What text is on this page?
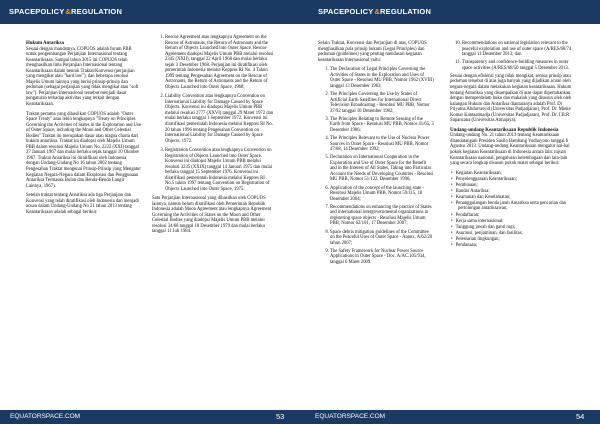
SPACEPOLICY&REGULATION
Hukum Antariksa

Sesuai dengan mandatnya, COPUOS adalah forum PBB untuk pengembangan Perjanjian Internasional tentang Keantariksaan. Sampai tahun 2015 ini COPUOS telah menghasilkan lima Perjanjian Internasional tentang Keantariksaan dalam bentuk Traktat/Konvensi (perjanjian yang mengikat atau "hard law"), dan beberapa resolusi Majelis Umum lainnya yang berisi prinsip-prinsip dan pedoman (sebagai perjanjian yang tidak mengikat atau "soft law"). Perjanjian Internasional tersebut menjadi dasar pengaturan terhadap aktivitas yang terkait dengan Keantariksaan.

Traktat pertama yang dihasilkan COPUOS adalah "Outer Space Treaty" atau lebih lengkapnya "Treaty on Principles Governing the Activities of States in the Exploration and Use of Outer Space, including the Moon and Other Celestial Bodies" Traktat ini merupakan dasar atau magna charta dari hukum antariksa. Traktat ini diadopsi oleh Majelis Umum PBB dalam resolusi Majelis Umum No. 2222 (XXI) tanggal 27 Januari 1967 dan mulai berlaku sejak tanggal 10 Oktober 1967. Traktat Antariksa ini diratifikasi oleh Indonesia dengan Undang-Undang No 16 tahun 2002 tentang Pengesahan Traktat mengenai Prinsip-Prinsip yang Mengatur Kegiatan Negara-Negara dalam Eksplorasi dan Penggunaan Antariksa Termasuk Bulan dan Benda-Benda Langit Lainnya, 1967).

Setelah traktat tentang Antariksa ada tiga Perjanjian dan Konvensi yang telah diratifikasi oleh Indonesia dan menjadi acuan dalam Undang-Undang No 21 tahun 2013 tentang Keantariksaan adalah sebagai berikut:

1. Rescue Agreement atau lengkapnya Agreement on the Rescue of Astronauts, the Return of Astronauts and the Return of Objects Launched into Outer Space. Rescue Agreement diadopsi Majelis Umum PBB melalui resolusi 2345 (XXII), tanggal 22 April 1968 dan mulai berlaku sejak 3 Desember 1968. Perjanjian ini diratifikasi oleh pemerintah Indonesia melalui Keppres RI No. 4 Tahun 1999 tentang Pengesahan Agreement on the Rescue of Astronauts, the Return of Astronauts and the Return of Objects Launched into Outer Space, 1968;
2. Liability Convention atau lengkapnya Convention on International Liability for Damage Caused by Space Objects. Konvensi ini diadopsi Majelis Umum PBB melalui resolusi 2777 (XXVI) tanggal 29 Maret 1972 dan mulai berlaku tanggal 1 September 1972. Konvensi ini diratifikasi pemerintah Indonesia melalui Keppres RI No. 20 tahun 1996 tentang Pengesahan Convention on International Liability for Damage Caused by Space Objects, 1972.
3. Registration Convention atau lengkapnya Convention on Registration of Objects Launched into Outer Space. Konvensi ini diadopsi Majelis Umum PBB melalui resolusi 3235 (XXIX) tanggal 14 Januari 1975 dan mulai berlaku tanggal 15 September 1976. Konvensi ini diratifikasi pemerintah Indonesia melalui Keppres RI No.5 tahun 1997 tentang Convention on Registration of Objects Launched into Outer Space, 1975.

Satu Perjanjian Internasional yang dihasilkan oleh COPUOS lainnya, namun belum diratifikasi oleh Pemerintah Republik Indonesia adalah Moon Agreement atau lengkapnya Agreement Governing the Activities of States on the Moon and Other Celestial Bodies yang diadopsi Majelis Umum PBB melalui resolusi 34/68 tanggal 18 Desember 1979 dan mulai berlaku tanggal 11 Juli 1984.

EQUATORSPACE.COM	53
SPACEPOLICY&REGULATION

Selain Traktat, Konvensi dan Perjanjian di atas, COPUOS menghasilkan pula prinsip hukum (Legal Principles) dan pedoman (guidelines) yang penting mendasari kegiatan keantariksaan internasional yaitu:

1. The Declaration of Legal Principles Governing the Activities of States in the Exploration and Uses of Outer Space - Resolusi MU PBB, Nomor 1962 (XVIII) tanggal 13 Desember 1963;
2. The Principles Governing the Use by States of Artificial Earth Satellites for International Direct Television Broadcasting - Resolusi MU PBB, Nomor 37/92 tanggal 10 Desember 1982;
3. The Principles Relating to Remote Sensing of the Earth from Space - Resolusi MU PBB, Nomor 41/65, 3 Desember 1986;
4. The Principles Relevant to the Use of Nuclear Power Sources in Outer Space - Resolusi MU PBB, Nomor 47/68, 14 Desember 1992;
5. Declaration on International Cooperation in the Exploration and Use of Outer Space for the Benefit and in the Interest of All States, Taking into Particular Account the Needs of Developing Countries - Resolusi MU PBB, Nomor 51/122, Desember 1996;
6. Application of the concept of the launching state - Resolusi Majelis Umum PBB, Nomor 59/115, 10 Desember 2004;
7. Recommendations on enhancing the practice of States and international intergovernmental organizations in registering space objects - Resolusi Majelis Umum PBB, Nomor 62/101, 17 Desember 2007;
8. Space debris mitigation guidelines of the Committee on the Peaceful Uses of Outer Space - Annex, A/62/20 tahun 2007;
9. The Safety Framework for Nuclear Power Source Applications in Outer Space - Doc. A/AC.105/934, tanggal 6 Maret 2009.
10. Recommendations on national legislation relevant to the peaceful exploration and use of outer space (A/RES/68/74 tanggal 11 Desember 2013; dan
11. Transparency and confidence-building measures in outer space activities (A/RES/68/50 tanggal 5 Desember 2013.

Sesuai dengan efisiensi yang tidak mengikat, semua prinsip atau pedoman tersebut di atas juga banyak yang dijadikan acuan oleh negara-negara dalam melakukan kegiatan keantariksaan. Hukum tentang Antariksa yang disampaikan di atas dapat dipertahankan dengan memperdalam buku dan makalah yang disusun oleh oleh kalangan Hukum dan Antariksa diantaranya adalah Prof. Dr Priyatna Abdurrasyid (Universitas Padjadjaran), Prof. Dr. Mieke Komar Kantaatmadja (Universitas Padjadjaran), Prof. Dr. I.B.R Supancana (Universitas Atmajaya).

Undang-undang Keantariksaan Republik Indonesia

Undang-undang No. 21 tahun 2013 tentang Keantariksaan ditandatangani Presiden Susilo Bambang Yudhoyono tanggal 6 Agustus 2013. Undang-undang Keantariksaan mengatur hal-hal pokok kegiatan Keantariksaan di Indonesia antara lain: tujuan Keantariksaan nasional, pengaturan kelembagaan dan lain-lain yang secara lengkap disusun pokok mater sebagai berikut:

• Kegiatan Keantariksaan;
• Penyelenggaraan Keantariksaan;
• Pembinaan;
• Bandar Antariksa;
• Keamanan dan Keselamatan;
• Penanggulangan benda jatuh Antariksa serta pencarian dan pertolongan antariksawan;
• Pendaftaran;
• Kerja sama internasional;
• Tanggung jawab dan ganti rugi;
• Asuransi, penjaminan, dan fasilitas;
• Pelestarian lingkungan;
• Pendanaan;
EQUATORSPACE.COM	54
